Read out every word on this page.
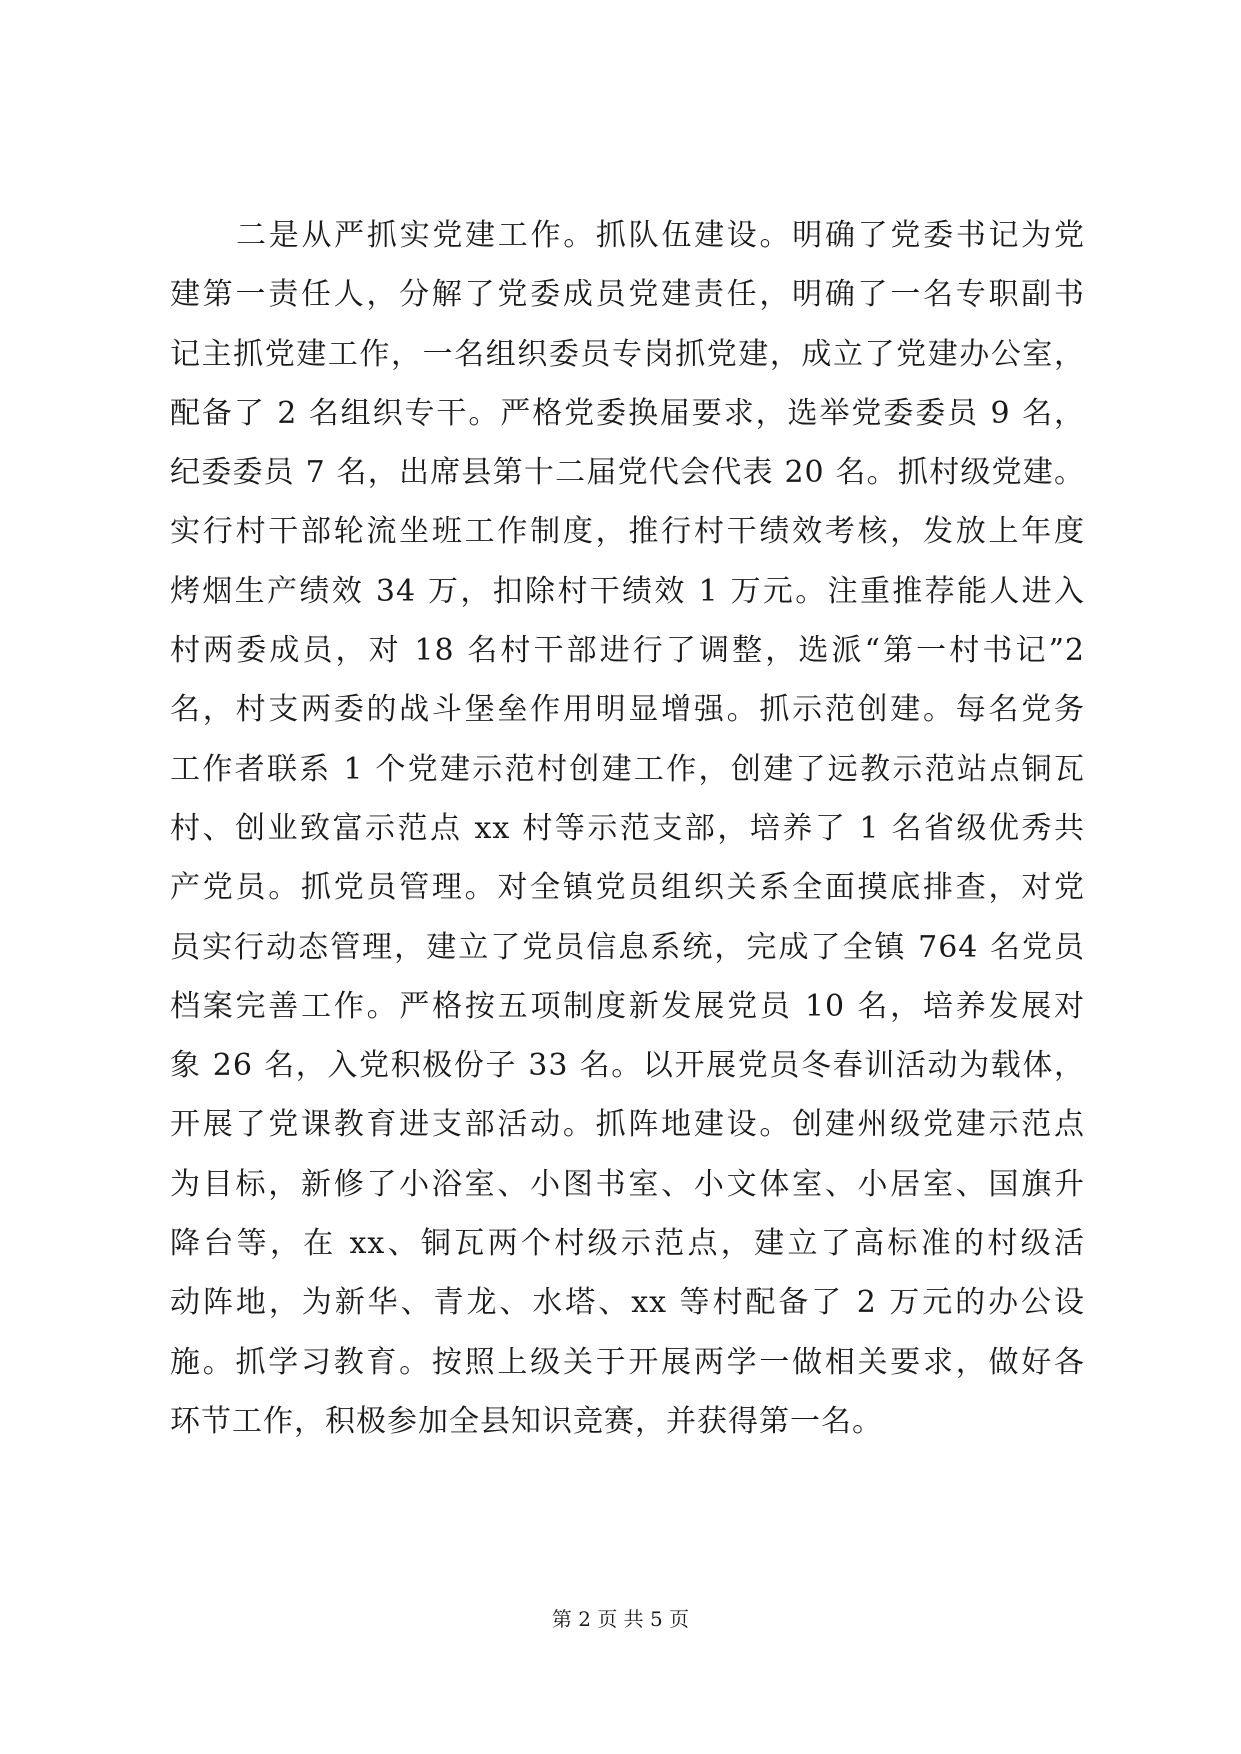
二是从严抓实党建工作。抓队伍建设。明确了党委书记为党
建第一责任人，分解了党委成员党建责任，明确了一名专职副书
记主抓党建工作，一名组织委员专岗抓党建，成立了党建办公室，
配备了 2 名组织专干。严格党委换届要求，选举党委委员 9 名，
纪委委员 7 名，出席县第十二届党代会代表 20 名。抓村级党建。
实行村干部轮流坐班工作制度，推行村干绩效考核，发放上年度
烤烟生产绩效 34 万，扣除村干绩效 1 万元。注重推荐能人进入
村两委成员，对 18 名村干部进行了调整，选派“第一村书记”2
名，村支两委的战斗堡垒作用明显增强。抓示范创建。每名党务
工作者联系 1 个党建示范村创建工作，创建了远教示范站点铜瓦
村、创业致富示范点 xx 村等示范支部，培养了 1 名省级优秀共
产党员。抓党员管理。对全镇党员组织关系全面摸底排查，对党
员实行动态管理，建立了党员信息系统，完成了全镇 764 名党员
档案完善工作。严格按五项制度新发展党员 10 名，培养发展对
象 26 名，入党积极份子 33 名。以开展党员冬春训活动为载体，
开展了党课教育进支部活动。抓阵地建设。创建州级党建示范点
为目标，新修了小浴室、小图书室、小文体室、小居室、国旗升
降台等，在 xx、铜瓦两个村级示范点，建立了高标准的村级活
动阵地，为新华、青龙、水塔、xx 等村配备了 2 万元的办公设
施。抓学习教育。按照上级关于开展两学一做相关要求，做好各
环节工作，积极参加全县知识竞赛，并获得第一名。
第 2 页 共 5 页
